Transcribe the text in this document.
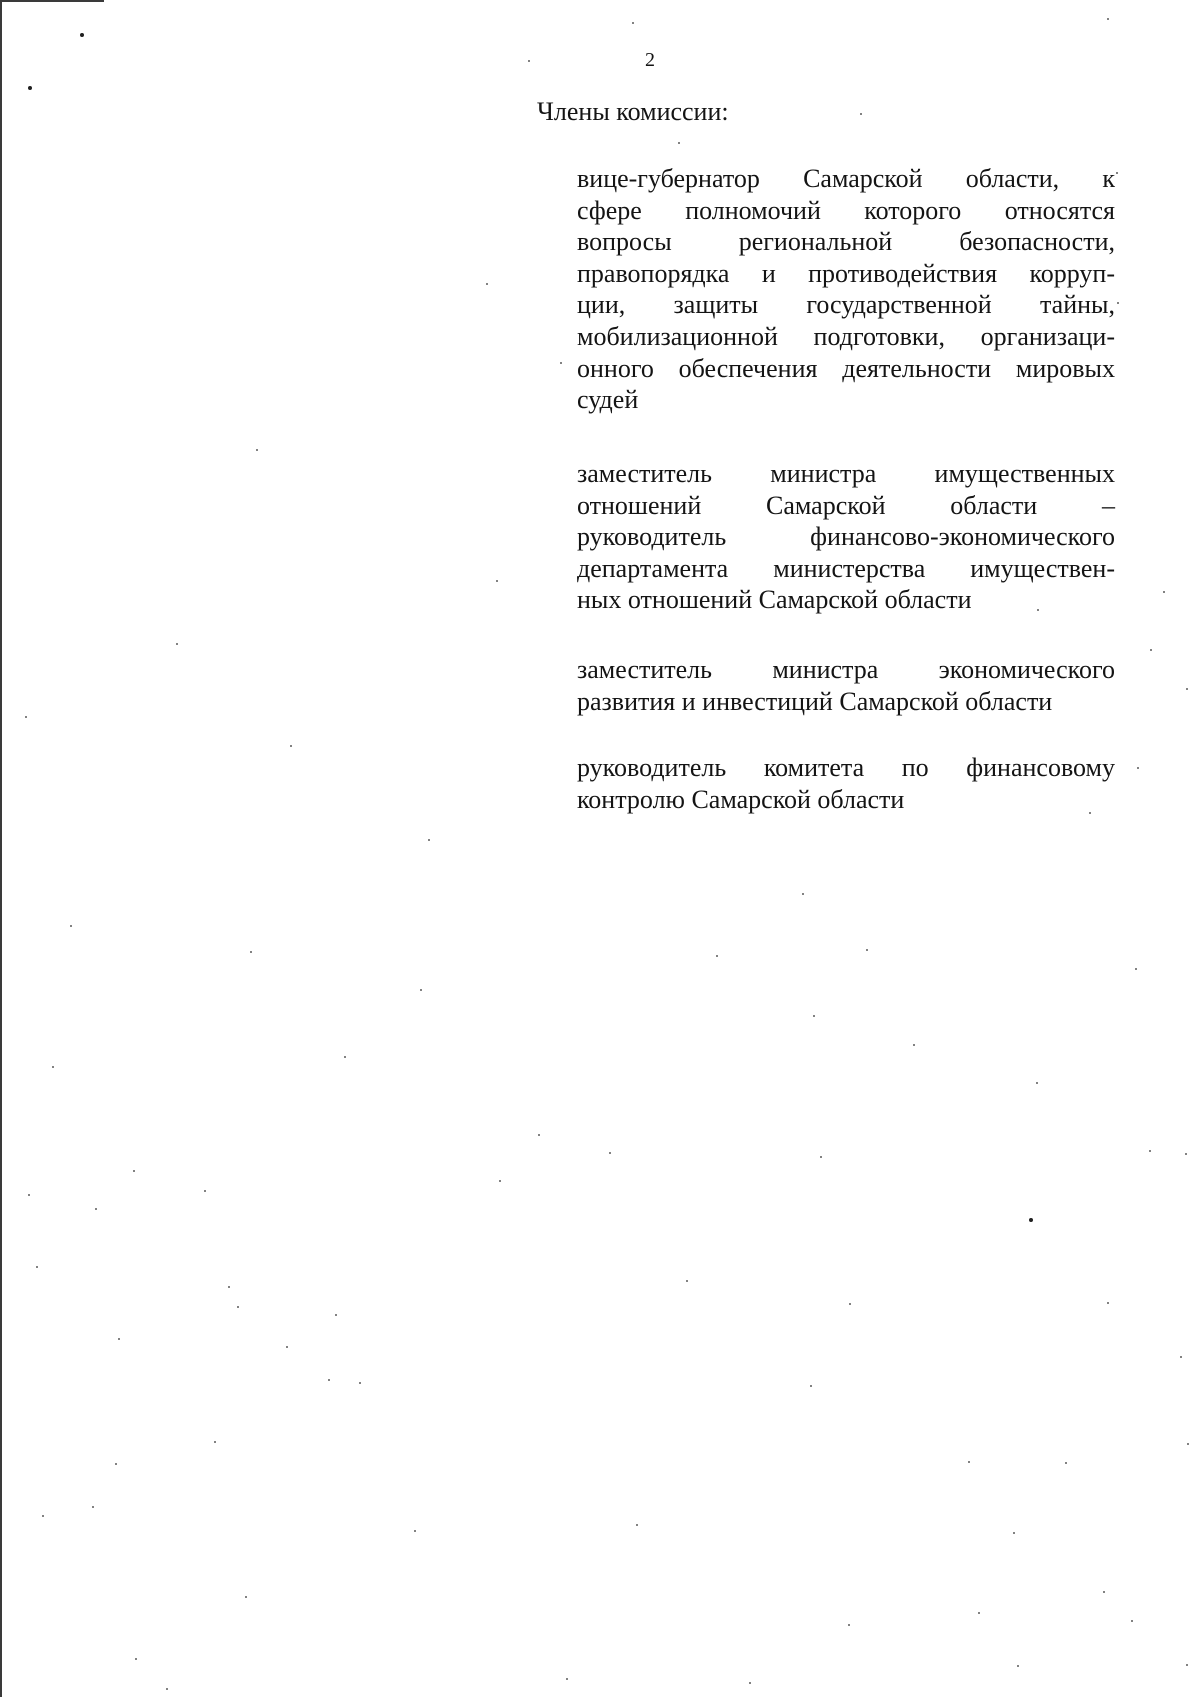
2
Члены комиссии:
вице-губернатор Самарской области, к
сфере полномочий которого относятся
вопросы региональной безопасности,
правопорядка и противодействия корруп-
ции, защиты государственной тайны,
мобилизационной подготовки, организаци-
онного обеспечения деятельности мировых
судей
заместитель министра имущественных
отношений Самарской области –
руководитель финансово-экономического
департамента министерства имуществен-
ных отношений Самарской области
заместитель министра экономического
развития и инвестиций Самарской области
руководитель комитета по финансовому
контролю Самарской области
